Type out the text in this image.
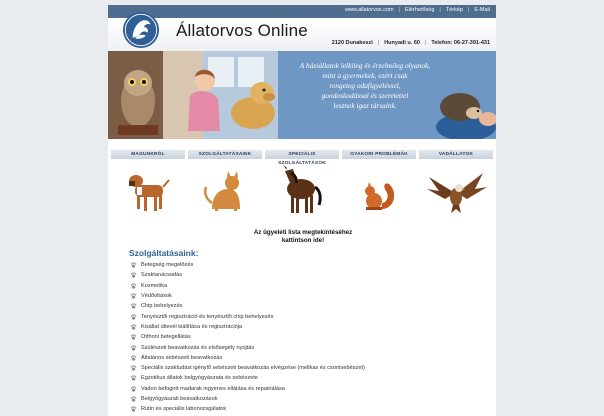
www.allatorvos.com | Elérhetőség | Térkép | E-Mail
Állatorvos Online
2120 Dunakeszi | Hunyadi u. 60 | Telefon: 06-27-391-431
A háziállatok lelkileg és érzelmileg olyanok,
mint a gyermekek, ezért csak
rengeteg odafigyeléssel,
gondoskodással és szeretettel
lesznek igaz társaink.
MAGUNKRÓL	SZOLGÁLTATÁSAINK	SPECIÁLIS SZOLGÁLTATÁSOK
GYAKORI PROBLÉMÁK	VADÁLLATOK
Az ügyeleti lista megtekintéséhez
kattintson ide!
Szolgáltatásaink:
Betegség megelőzés
Szaktanácsadás
Kozmetika
Védőoltások
Chip behelyezés
Tenyésztői regisztráció és tenyésztői chip behelyezés
Kisállat útlevél kiállítása és regisztrációja
Otthoni betegellátás
Szülészeti beavatkozás és elsősegély nyújtás
Általános sebészeti beavatkozás
Speciális szaktudást igénylő sebészeti beavatkozás elvégzése (mellkas és csontsebészet)
Egzotikus állatok belgyógyászata és sebészete
Vadon befogott madarak ingyenes ellátása és repatriálása
Belgyógyászati beavatkozások
Rutin és speciális laborvizsgálatok
